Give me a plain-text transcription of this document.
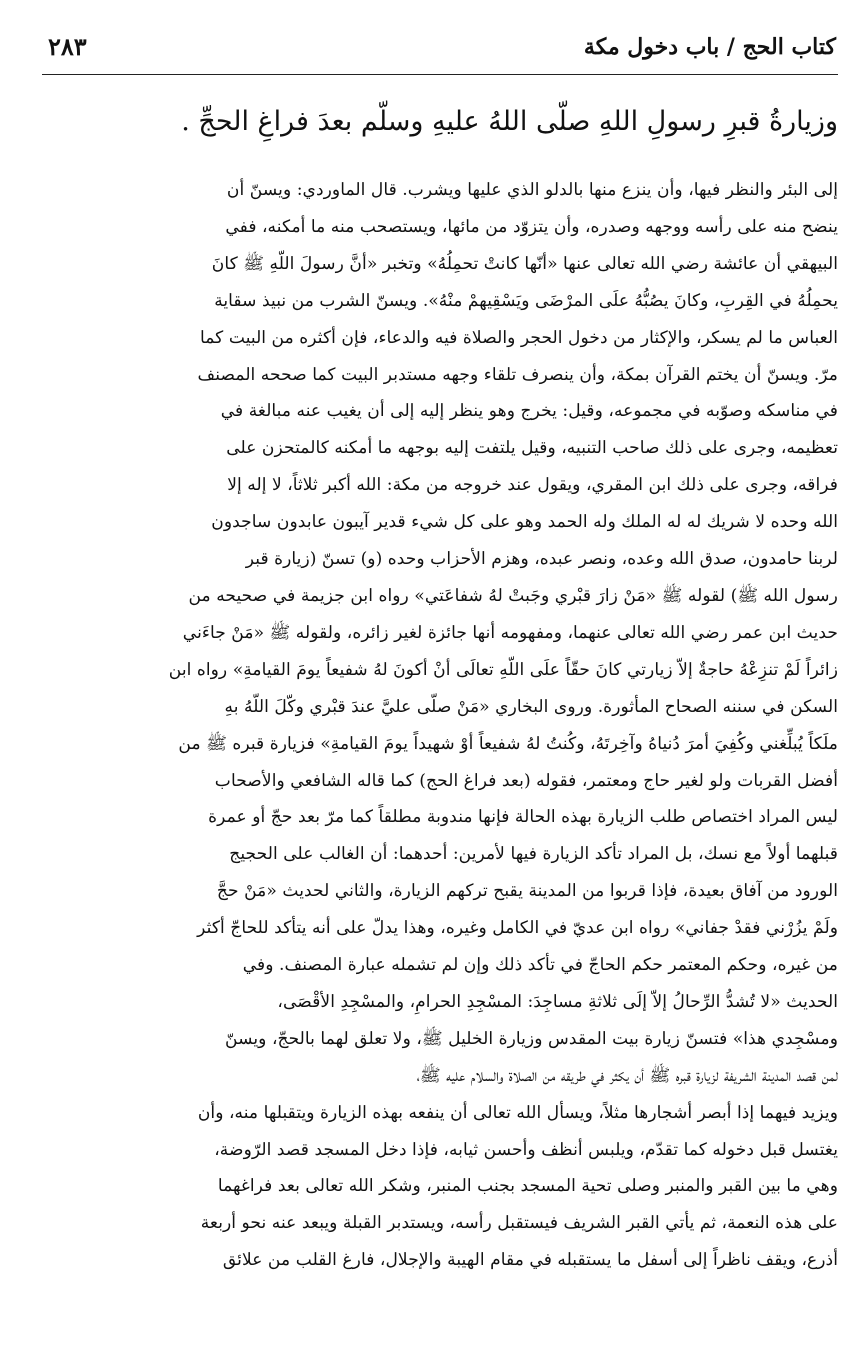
٢٨٣	كتاب الحج / باب دخول مكة
وزيارةُ قبرِ رسولِ اللهِ صلّى اللهُ عليهِ وسلّم بعدَ فراغِ الحجِّ .

إلى البئر والنظر فيها، وأن ينزع منها بالدلو الذي عليها ويشرب. قال الماوردي: ويسنّ أن
ينضح منه على رأسه ووجهه وصدره، وأن يتزوّد من مائها، ويستصحب منه ما أمكنه، ففي
البيهقي أن عائشة رضي الله تعالى عنها «أنّها كانتْ تحمِلُهُ» وتخبر «أنَّ رسولَ اللّهِ ﷺ كانَ
يحمِلُهُ في القِربِ، وكانَ يصُبُّهُ علَى المرْضَى ويَسْقِيهمْ منْهُ». ويسنّ الشرب من نبيذ سقاية
العباس ما لم يسكر، والإكثار من دخول الحجر والصلاة فيه والدعاء، فإن أكثره من البيت كما
مرّ. ويسنّ أن يختم القرآن بمكة، وأن ينصرف تلقاء وجهه مستدبر البيت كما صححه المصنف
في مناسكه وصوّبه في مجموعه، وقيل: يخرج وهو ينظر إليه إلى أن يغيب عنه مبالغة في
تعظيمه، وجرى على ذلك صاحب التنبيه، وقيل يلتفت إليه بوجهه ما أمكنه كالمتحزن على
فراقه، وجرى على ذلك ابن المقري، ويقول عند خروجه من مكة: الله أكبر ثلاثاً، لا إله إلا
الله وحده لا شريك له له الملك وله الحمد وهو على كل شيء قدير آيبون عابدون ساجدون
لربنا حامدون، صدق الله وعده، ونصر عبده، وهزم الأحزاب وحده (و) تسنّ (زيارة قبر
رسول الله ﷺ) لقوله ﷺ «مَنْ زارَ قبْري وجَبتْ لهُ شفاعَتي» رواه ابن جزيمة في صحيحه من
حديث ابن عمر رضي الله تعالى عنهما، ومفهومه أنها جائزة لغير زائره، ولقوله ﷺ «مَنْ جاءَني
زائراً لَمْ تنزِعْهُ حاجةٌ إلاّ زيارتي كانَ حقّاً علَى اللّهِ تعالَى أنْ أكونَ لهُ شفيعاً يومَ القيامةِ» رواه ابن
السكن في سننه الصحاح المأثورة. وروى البخاري «مَنْ صلّى عليَّ عندَ قبْري وكّلَ اللّهُ بهِ
ملَكاً يُبلِّغني وكُفِيَ أمرَ دُنياهُ وآخِرتَهُ، وكُنتُ لهُ شفيعاً أوْ شهيداً يومَ القيامةِ» فزيارة قبره ﷺ من
أفضل القربات ولو لغير حاج ومعتمر، فقوله (بعد فراغ الحج) كما قاله الشافعي والأصحاب
ليس المراد اختصاص طلب الزيارة بهذه الحالة فإنها مندوبة مطلقاً كما مرّ بعد حجّ أو عمرة
قبلهما أولاً مع نسك، بل المراد تأكد الزيارة فيها لأمرين: أحدهما: أن الغالب على الحجيج
الورود من آفاق بعيدة، فإذا قربوا من المدينة يقبح تركهم الزيارة، والثاني لحديث «مَنْ حجَّ
ولَمْ يزُرْني فقدْ جفاني» رواه ابن عديّ في الكامل وغيره، وهذا يدلّ على أنه يتأكد للحاجّ أكثر
من غيره، وحكم المعتمر حكم الحاجّ في تأكد ذلك وإن لم تشمله عبارة المصنف. وفي
الحديث «لا تُشدُّ الرِّحالُ إلاّ إلَى ثلاثةِ مساجِدَ: المسْجِدِ الحرامِ، والمسْجِدِ الأقْصَى،
ومسْجِدي هذا» فتسنّ زيارة بيت المقدس وزيارة الخليل ﷺ، ولا تعلق لهما بالحجّ، ويسنّ
لمن قصد المدينة الشريفة لزيارة قبره ﷺ أن يكثر في طريقه من الصلاة والسلام عليه ﷺ،
ويزيد فيهما إذا أبصر أشجارها مثلاً، ويسأل الله تعالى أن ينفعه بهذه الزيارة ويتقبلها منه، وأن
يغتسل قبل دخوله كما تقدّم، ويلبس أنظف وأحسن ثيابه، فإذا دخل المسجد قصد الرّوضة،
وهي ما بين القبر والمنبر وصلى تحية المسجد بجنب المنبر، وشكر الله تعالى بعد فراغهما
على هذه النعمة، ثم يأتي القبر الشريف فيستقبل رأسه، ويستدبر القبلة ويبعد عنه نحو أربعة
أذرع، ويقف ناظراً إلى أسفل ما يستقبله في مقام الهيبة والإجلال، فارغ القلب من علائق
